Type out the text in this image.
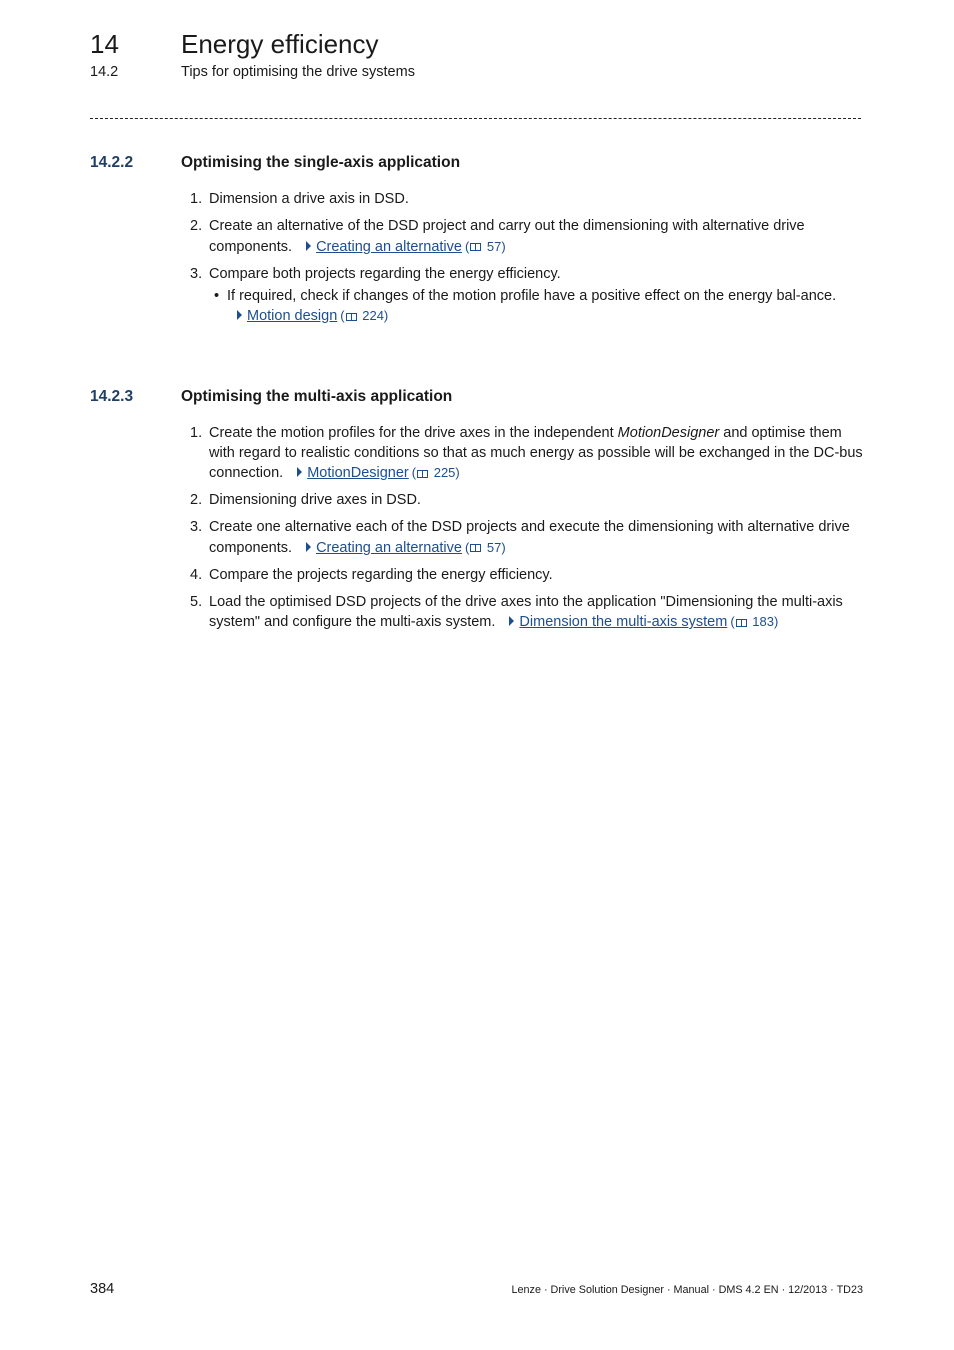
14 Energy efficiency
14.2	Tips for optimising the drive systems
14.2.2	Optimising the single-axis application
1. Dimension a drive axis in DSD.
2. Create an alternative of the DSD project and carry out the dimensioning with alternative drive components. Creating an alternative ( 57)
3. Compare both projects regarding the energy efficiency.
• If required, check if changes of the motion profile have a positive effect on the energy bal-ance. Motion design ( 224)
14.2.3	Optimising the multi-axis application
1. Create the motion profiles for the drive axes in the independent MotionDesigner and optimise them with regard to realistic conditions so that as much energy as possible will be exchanged in the DC-bus connection. MotionDesigner ( 225)
2. Dimensioning drive axes in DSD.
3. Create one alternative each of the DSD projects and execute the dimensioning with alternative drive components. Creating an alternative ( 57)
4. Compare the projects regarding the energy efficiency.
5. Load the optimised DSD projects of the drive axes into the application "Dimensioning the multi-axis system" and configure the multi-axis system. Dimension the multi-axis system ( 183)
384	Lenze · Drive Solution Designer · Manual · DMS 4.2 EN · 12/2013 · TD23
